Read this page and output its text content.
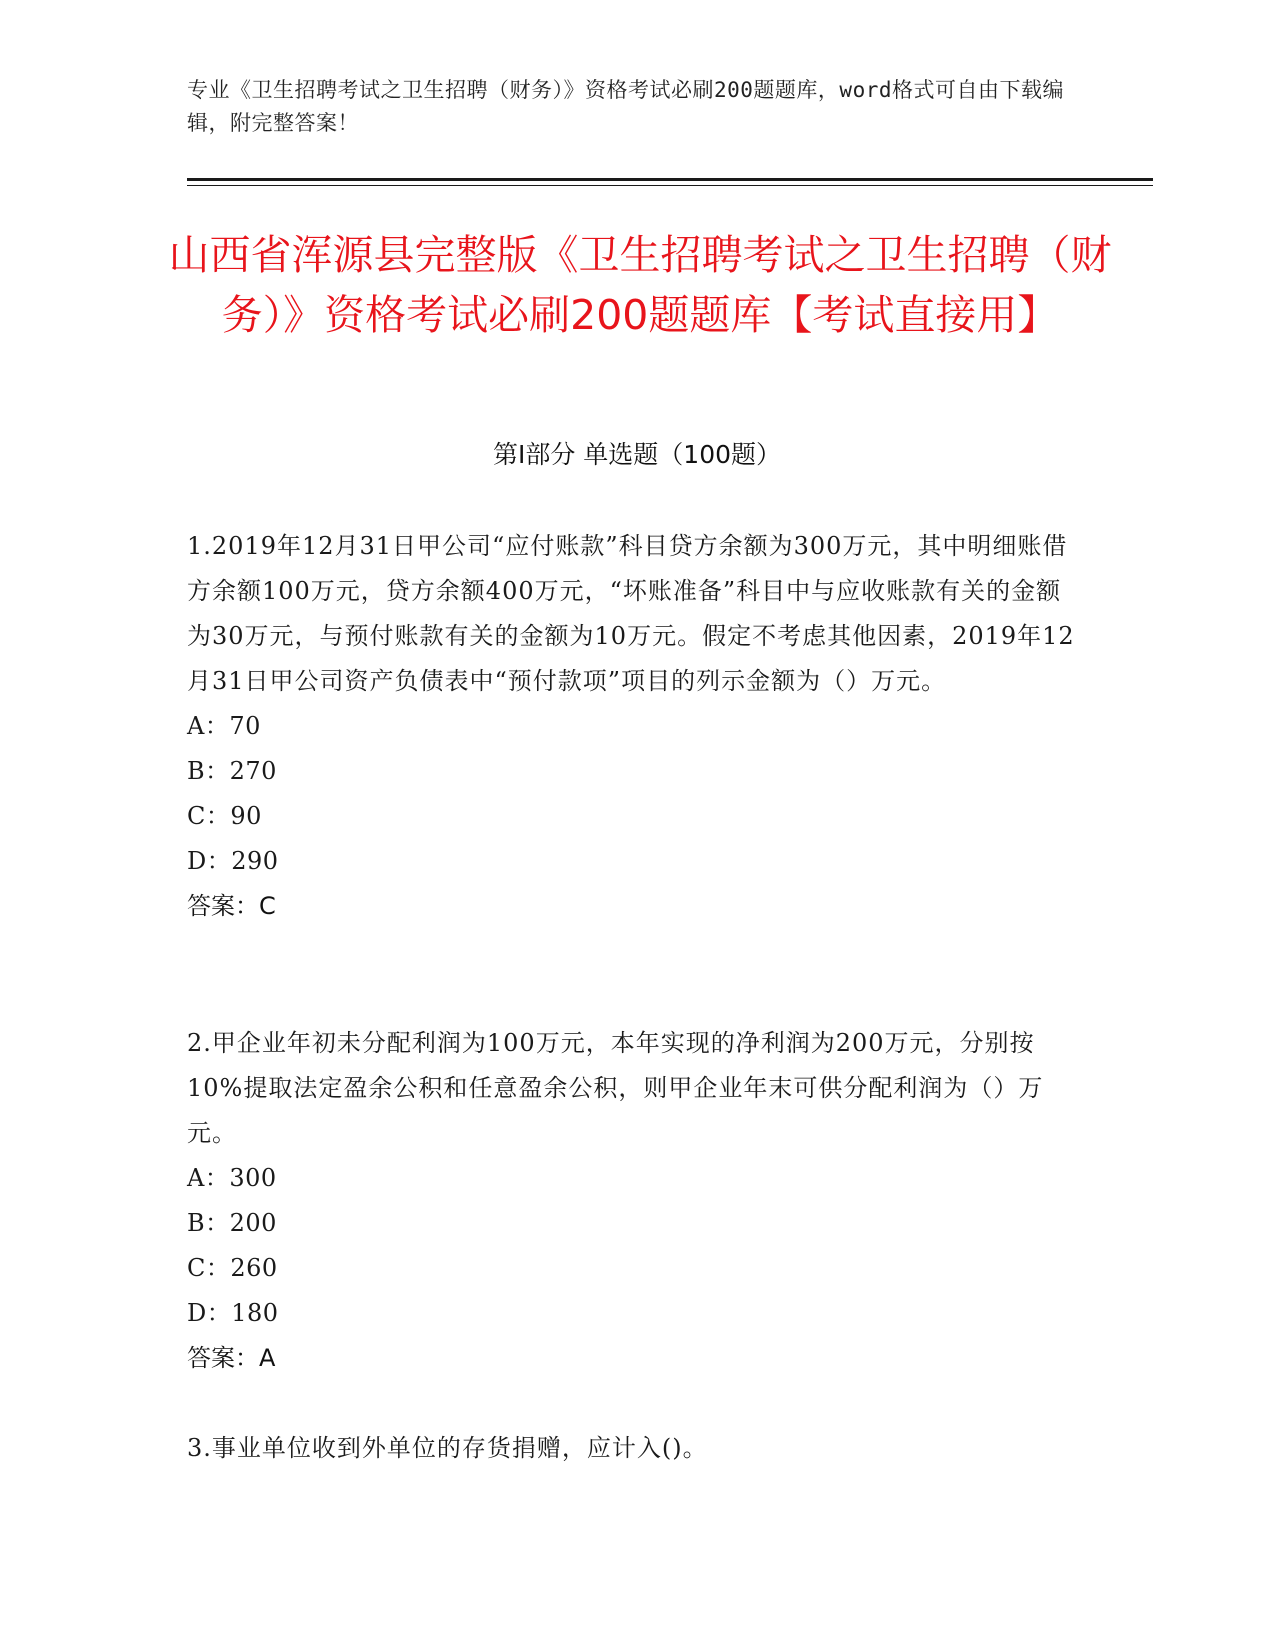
专业《卫生招聘考试之卫生招聘（财务）》资格考试必刷200题题库，word格式可自由下载编辑，附完整答案！
山西省浑源县完整版《卫生招聘考试之卫生招聘（财务）》资格考试必刷200题题库【考试直接用】
第Ⅰ部分 单选题（100题）
1.2019年12月31日甲公司“应付账款”科目贷方余额为300万元，其中明细账借方余额100万元，贷方余额400万元，“坏账准备”科目中与应收账款有关的金额为30万元，与预付账款有关的金额为10万元。假定不考虑其他因素，2019年12月31日甲公司资产负债表中“预付款项”项目的列示金额为（）万元。
A：70
B：270
C：90
D：290
答案：C
2.甲企业年初未分配利润为100万元，本年实现的净利润为200万元，分别按10%提取法定盈余公积和任意盈余公积，则甲企业年末可供分配利润为（）万元。
A：300
B：200
C：260
D：180
答案：A
3.事业单位收到外单位的存货捐赠，应计入()。
